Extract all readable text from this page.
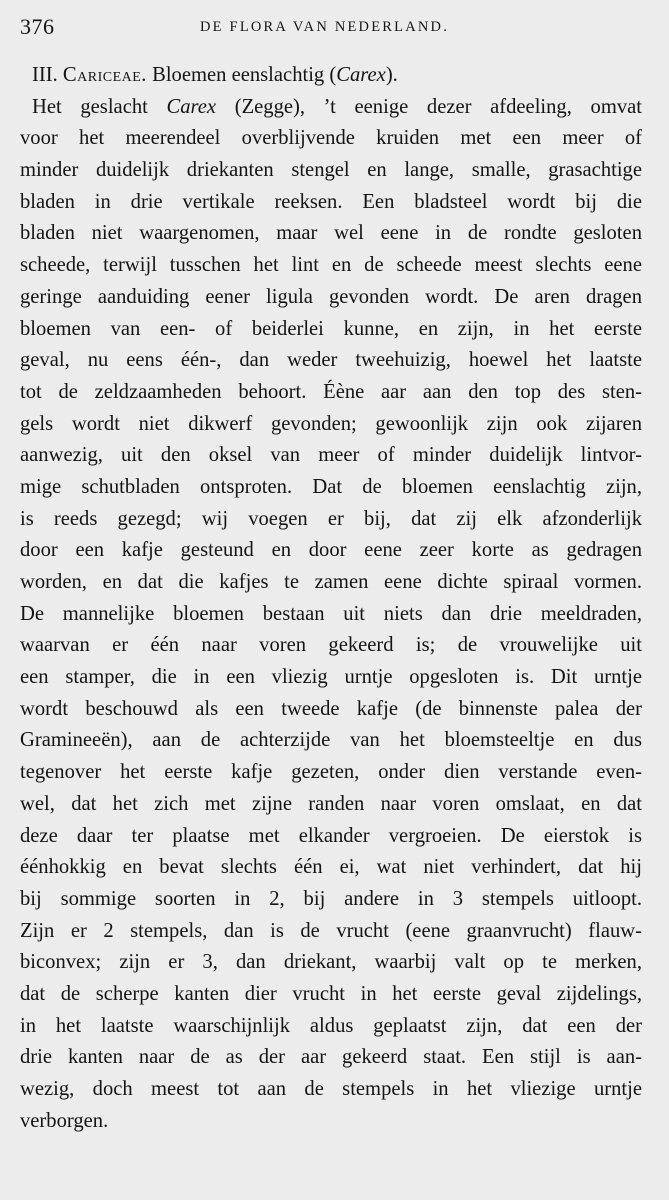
376	DE FLORA VAN NEDERLAND.
III. Cariceae. Bloemen eenslachtig (Carex).
Het geslacht Carex (Zegge), ’t eenige dezer afdeeling, omvat
voor het meerendeel overblijvende kruiden met een meer of
minder duidelijk driekanten stengel en lange, smalle, grasachtige
bladen in drie vertikale reeksen. Een bladsteel wordt bij die
bladen niet waargenomen, maar wel eene in de rondte gesloten
scheede, terwijl tusschen het lint en de scheede meest slechts eene
geringe aanduiding eener ligula gevonden wordt. De aren dragen
bloemen van een- of beiderlei kunne, en zijn, in het eerste
geval, nu eens één-, dan weder tweehuizig, hoewel het laatste
tot de zeldzaamheden behoort. Éène aar aan den top des sten-
gels wordt niet dikwerf gevonden; gewoonlijk zijn ook zijaren
aanwezig, uit den oksel van meer of minder duidelijk lintvor-
mige schutbladen ontsproten. Dat de bloemen eenslachtig zijn,
is reeds gezegd; wij voegen er bij, dat zij elk afzonderlijk
door een kafje gesteund en door eene zeer korte as gedragen
worden, en dat die kafjes te zamen eene dichte spiraal vormen.
De mannelijke bloemen bestaan uit niets dan drie meeldraden,
waarvan er één naar voren gekeerd is; de vrouwelijke uit
een stamper, die in een vliezig urntje opgesloten is. Dit urntje
wordt beschouwd als een tweede kafje (de binnenste palea der
Gramineeën), aan de achterzijde van het bloemsteeltje en dus
tegenover het eerste kafje gezeten, onder dien verstande even-
wel, dat het zich met zijne randen naar voren omslaat, en dat
deze daar ter plaatse met elkander vergroeien. De eierstok is
éénhokkig en bevat slechts één ei, wat niet verhindert, dat hij
bij sommige soorten in 2, bij andere in 3 stempels uitloopt.
Zijn er 2 stempels, dan is de vrucht (eene graanvrucht) flauw-
biconvex; zijn er 3, dan driekant, waarbij valt op te merken,
dat de scherpe kanten dier vrucht in het eerste geval zijdelings,
in het laatste waarschijnlijk aldus geplaatst zijn, dat een der
drie kanten naar de as der aar gekeerd staat. Een stijl is aan-
wezig, doch meest tot aan de stempels in het vliezige urntje
verborgen.
